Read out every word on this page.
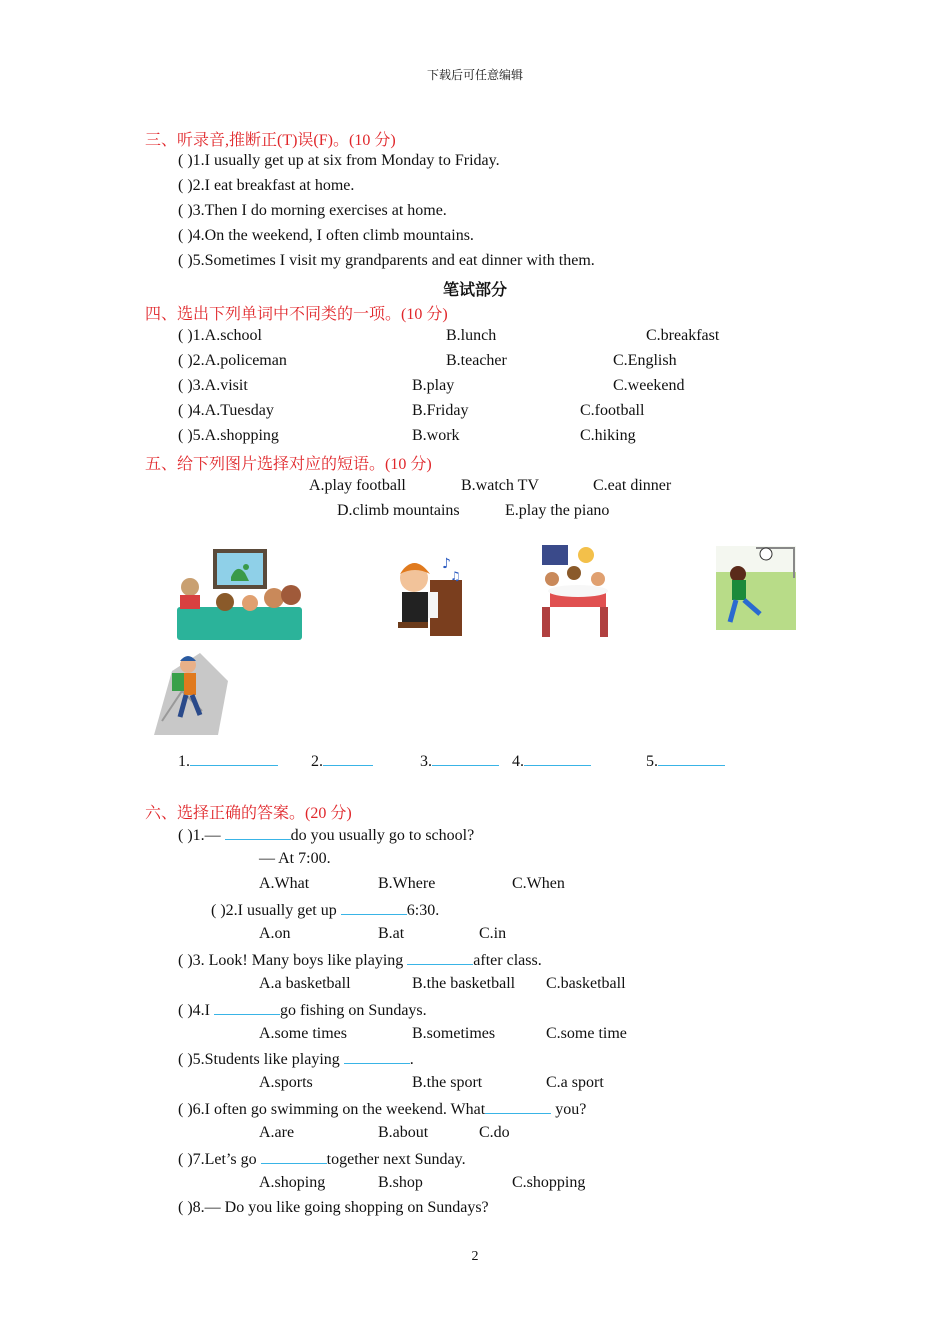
下载后可任意编辑
三、听录音,推断正(T)误(F)。(10 分)
( )1.I usually get up at six from Monday to Friday.
( )2.I eat breakfast at home.
( )3.Then I do morning exercises at home.
( )4.On the weekend, I often climb mountains.
( )5.Sometimes I visit my grandparents and eat dinner with them.
笔试部分
四、选出下列单词中不同类的一项。(10 分)
( )1.A.school	B.lunch	C.breakfast
( )2.A.policeman	B.teacher	C.English
( )3.A.visit	B.play	C.weekend
( )4.A.Tuesday	B.Friday	C.football
( )5.A.shopping	B.work	C.hiking
五、给下列图片选择对应的短语。(10 分)
A.play football	B.watch TV	C.eat dinner
D.climb mountains	E.play the piano
♪
♫
1.	2.	3.	4.	5.
六、选择正确的答案。(20 分)
( )1.—	do you usually go to school?
— At 7:00.
A.What	B.Where	C.When
( )2.I usually get up	6:30.
A.on	B.at	C.in
( )3. Look! Many boys like playing	after class.
A.a basketball	B.the basketball C.basketball
( )4.I	go fishing on Sundays.
A.some times	B.sometimes	C.some time
( )5.Students like playing	.
A.sports	B.the sport	C.a sport
( )6.I often go swimming on the weekend. What	you?
A.are	B.about	C.do
( )7.Let’s go	together next Sunday.
A.shoping	B.shop	C.shopping
( )8.— Do you like going shopping on Sundays?
2
